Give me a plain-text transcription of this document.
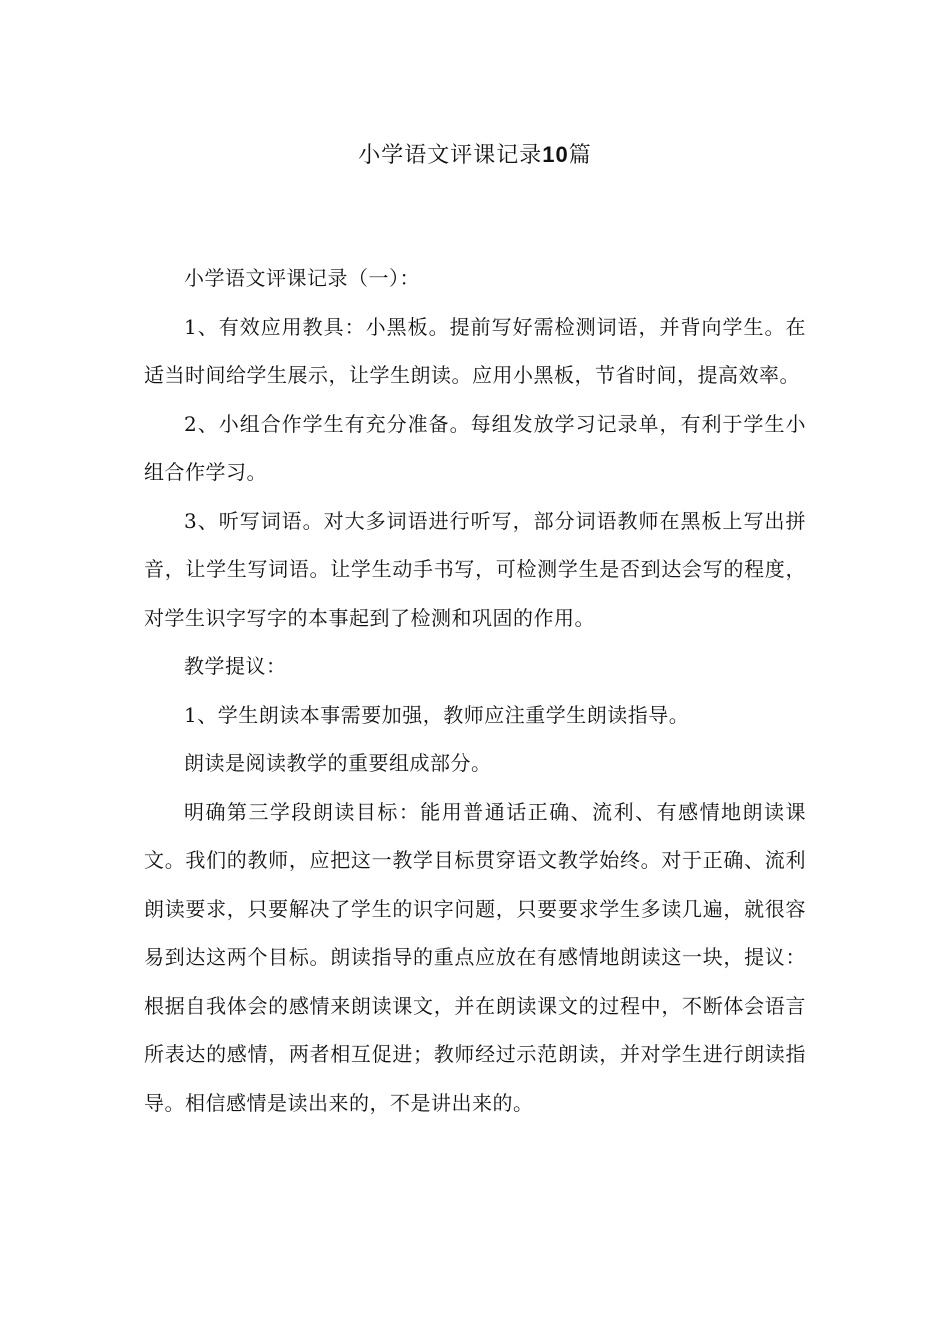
小学语文评课记录10篇

小学语文评课记录（一）：

1、有效应用教具：小黑板。提前写好需检测词语，并背向学生。在适当时间给学生展示，让学生朗读。应用小黑板，节省时间，提高效率。

2、小组合作学生有充分准备。每组发放学习记录单，有利于学生小组合作学习。

3、听写词语。对大多词语进行听写，部分词语教师在黑板上写出拼音，让学生写词语。让学生动手书写，可检测学生是否到达会写的程度，对学生识字写字的本事起到了检测和巩固的作用。

教学提议：

1、学生朗读本事需要加强，教师应注重学生朗读指导。

朗读是阅读教学的重要组成部分。

明确第三学段朗读目标：能用普通话正确、流利、有感情地朗读课文。我们的教师，应把这一教学目标贯穿语文教学始终。对于正确、流利朗读要求，只要解决了学生的识字问题，只要要求学生多读几遍，就很容易到达这两个目标。朗读指导的重点应放在有感情地朗读这一块，提议：根据自我体会的感情来朗读课文，并在朗读课文的过程中，不断体会语言所表达的感情，两者相互促进；教师经过示范朗读，并对学生进行朗读指导。相信感情是读出来的，不是讲出来的。
